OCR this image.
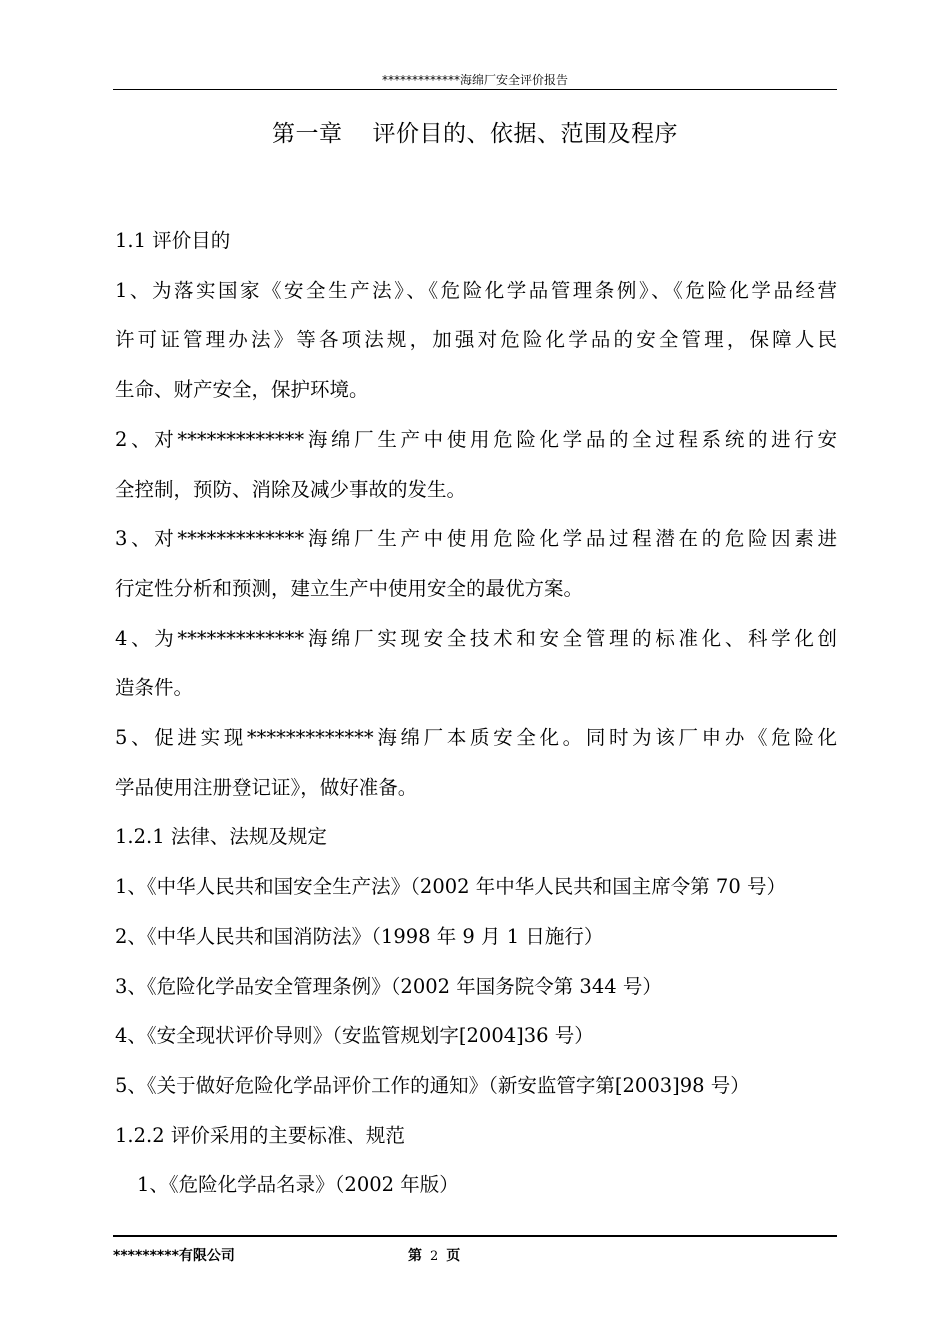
*************海绵厂安全评价报告
第一章 评价目的、依据、范围及程序

1.1 评价目的

1、为落实国家《安全生产法》、《危险化学品管理条例》、《危险化学品经营

许可证管理办法》等各项法规，加强对危险化学品的安全管理，保障人民

生命、财产安全，保护环境。

2、对*************海绵厂生产中使用危险化学品的全过程系统的进行安

全控制，预防、消除及减少事故的发生。

3、对*************海绵厂生产中使用危险化学品过程潜在的危险因素进

行定性分析和预测，建立生产中使用安全的最优方案。

4、为*************海绵厂实现安全技术和安全管理的标准化、科学化创

造条件。

5、促进实现*************海绵厂本质安全化。同时为该厂申办《危险化

学品使用注册登记证》，做好准备。

1.2.1 法律、法规及规定

1、《中华人民共和国安全生产法》（2002 年中华人民共和国主席令第 70 号）

2、《中华人民共和国消防法》（1998 年 9 月 1 日施行）

3、《危险化学品安全管理条例》（2002 年国务院令第 344 号）

4、《安全现状评价导则》（安监管规划字[2004]36 号）

5、《关于做好危险化学品评价工作的通知》（新安监管字第[2003]98 号）

1.2.2 评价采用的主要标准、规范

1、《危险化学品名录》（2002 年版）

*********有限公司	第 2 页
